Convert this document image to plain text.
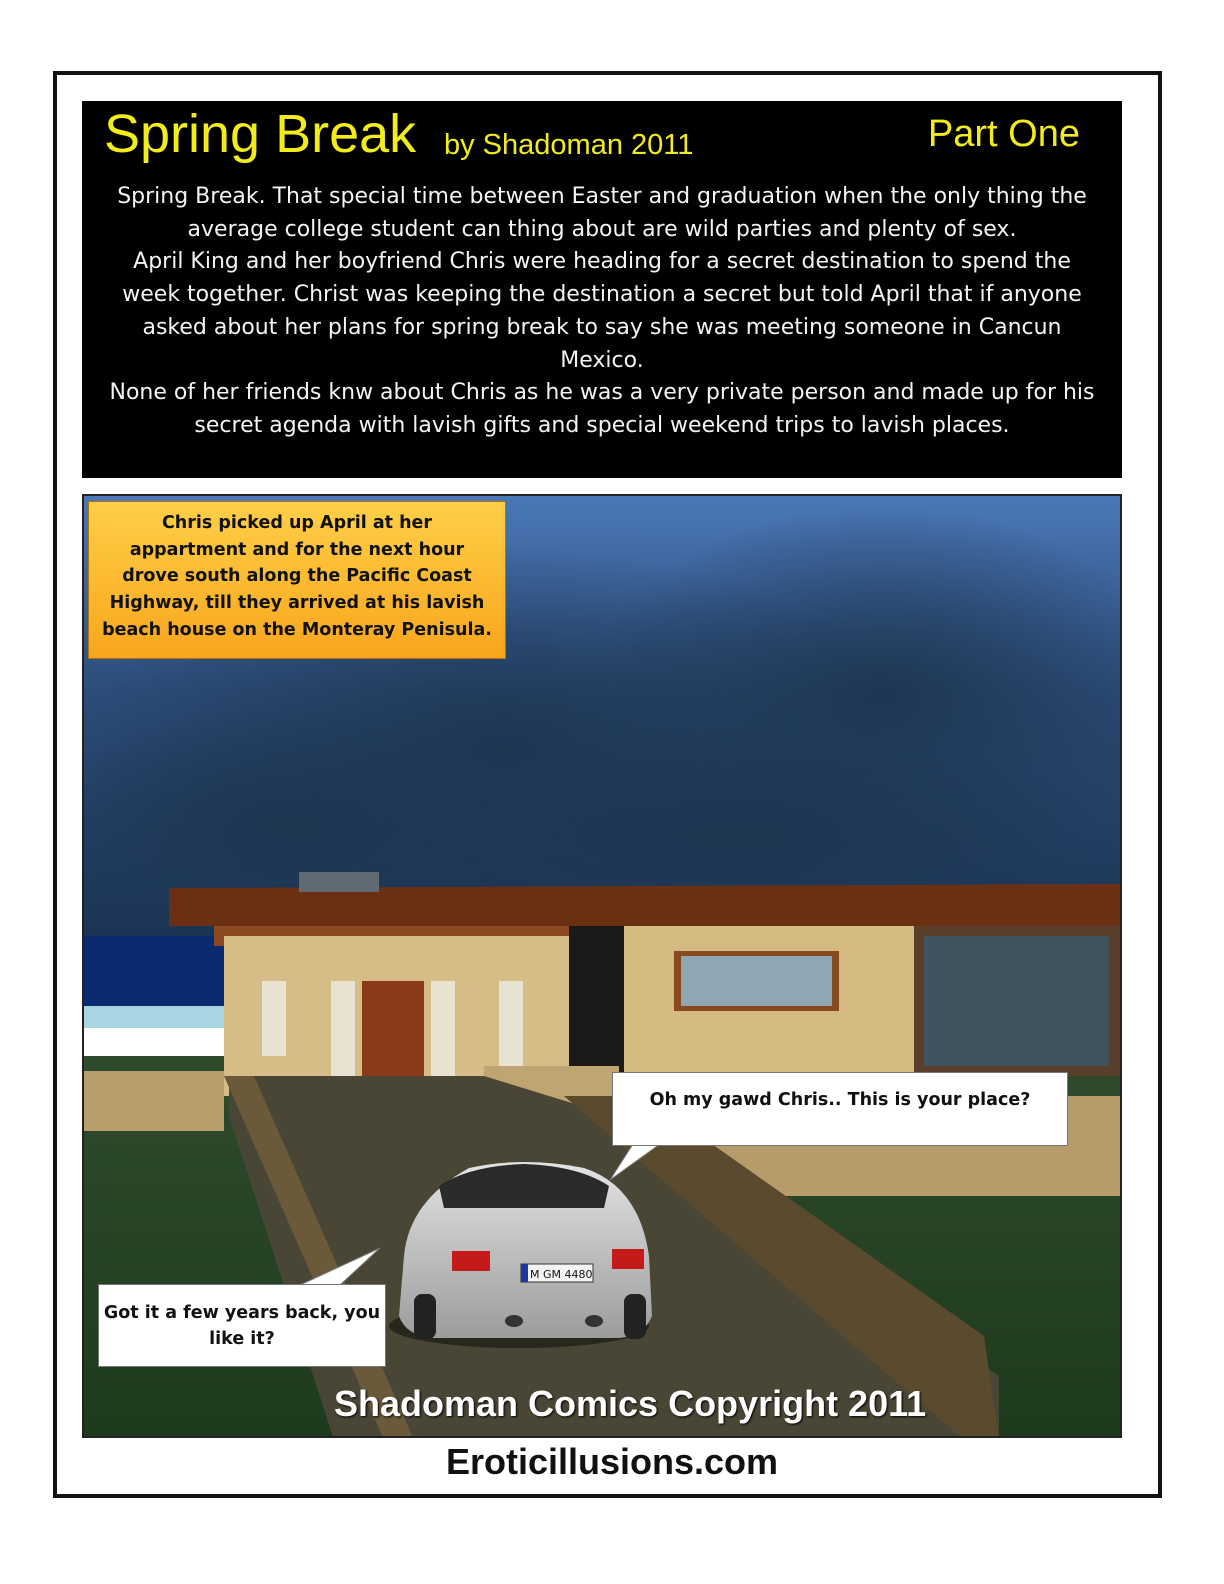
Spring Break by Shadoman 2011	Part One

Spring Break. That special time between Easter and graduation when the only thing the average college student can thing about are wild parties and plenty of sex.

April King and her boyfriend Chris were heading for a secret destination to spend the week together. Christ was keeping the destination a secret but told April that if anyone asked about her plans for spring break to say she was meeting someone in Cancun Mexico.

None of her friends knw about Chris as he was a very private person and made up for his secret agenda with lavish gifts and special weekend trips to lavish places.

M GM 4480

Chris picked up April at her appartment and for the next hour drove south along the Pacific Coast Highway, till they arrived at his lavish beach house on the Monteray Penisula.

Oh my gawd Chris.. This is your place?

Got it a few years back, you like it?

Shadoman Comics Copyright 2011
Eroticillusions.com
